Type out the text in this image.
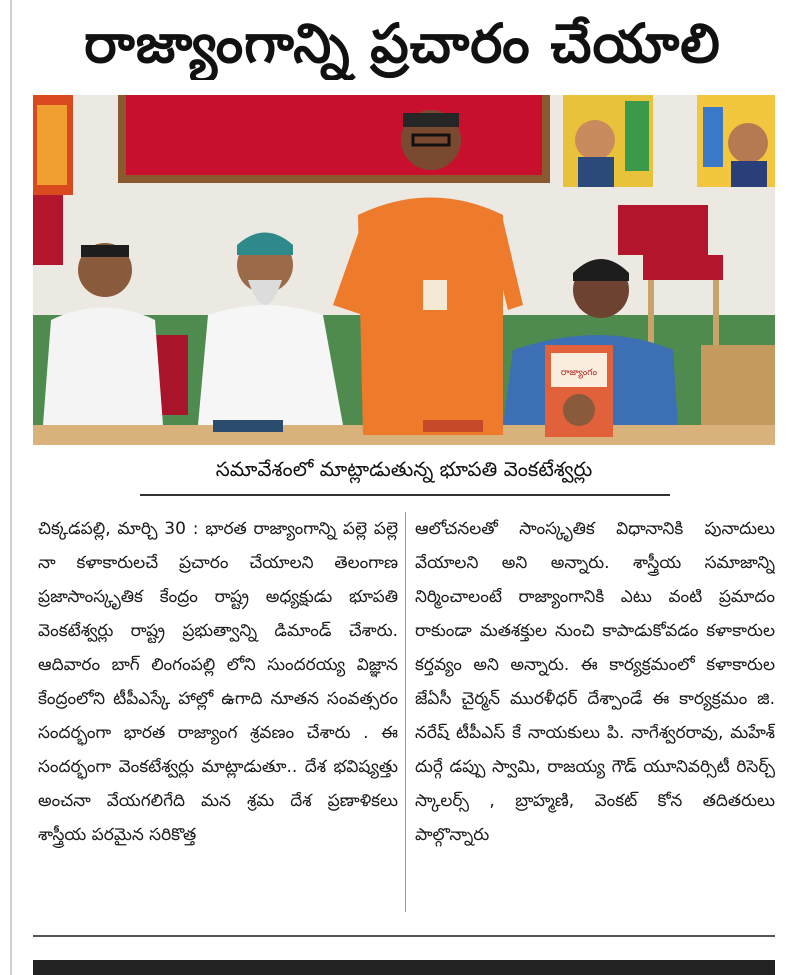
రాజ్యాంగాన్ని ప్రచారం చేయాలి
రాజ్యాంగం
సమావేశంలో మాట్లాడుతున్న భూపతి వెంకటేశ్వర్లు
చిక్కడపల్లి, మార్చి 30 : భారత రాజ్యాంగాన్ని పల్లె పల్లె నా కళాకారులచే ప్రచారం చేయాలని తెలంగాణ ప్రజాసాంస్కృతిక కేంద్రం రాష్ట్ర అధ్యక్షుడు భూపతి వెంకటేశ్వర్లు రాష్ట్ర ప్రభుత్వాన్ని డిమాండ్ చేశారు. ఆదివారం బాగ్ లింగంపల్లి లోని సుందరయ్య విజ్ఞాన కేంద్రంలోని టీపీఎస్కే హాల్లో ఉగాది నూతన సంవత్సరం సందర్భంగా భారత రాజ్యాంగ శ్రవణం చేశారు . ఈ సందర్భంగా వెంకటేశ్వర్లు మాట్లాడుతూ.. దేశ భవిష్యత్తు అంచనా వేయగలిగేది మన శ్రమ దేశ ప్రణాళికలు శాస్త్రీయ పరమైన సరికొత్త
ఆలోచనలతో సాంస్కృతిక విధానానికి పునాదులు వేయాలని అని అన్నారు. శాస్త్రీయ సమాజాన్ని నిర్మించాలంటే రాజ్యాంగానికి ఎటు వంటి ప్రమాదం రాకుండా మతశక్తుల నుంచి కాపాడుకోవడం కళాకారుల కర్తవ్యం అని అన్నారు. ఈ కార్యక్రమంలో కళాకారుల జేఏసీ చైర్మన్ మురళీధర్ దేశ్పాండే ఈ కార్యక్రమం జి. నరేష్ టీపీఎస్ కే నాయకులు పి. నాగేశ్వరరావు, మహేశ్ దుర్గే డప్పు స్వామి, రాజయ్య గౌడ్ యూనివర్సిటీ రిసెర్చ్ స్కాలర్స్ , బ్రాహ్మణి, వెంకట్ కోన తదితరులు పాల్గొన్నారు
